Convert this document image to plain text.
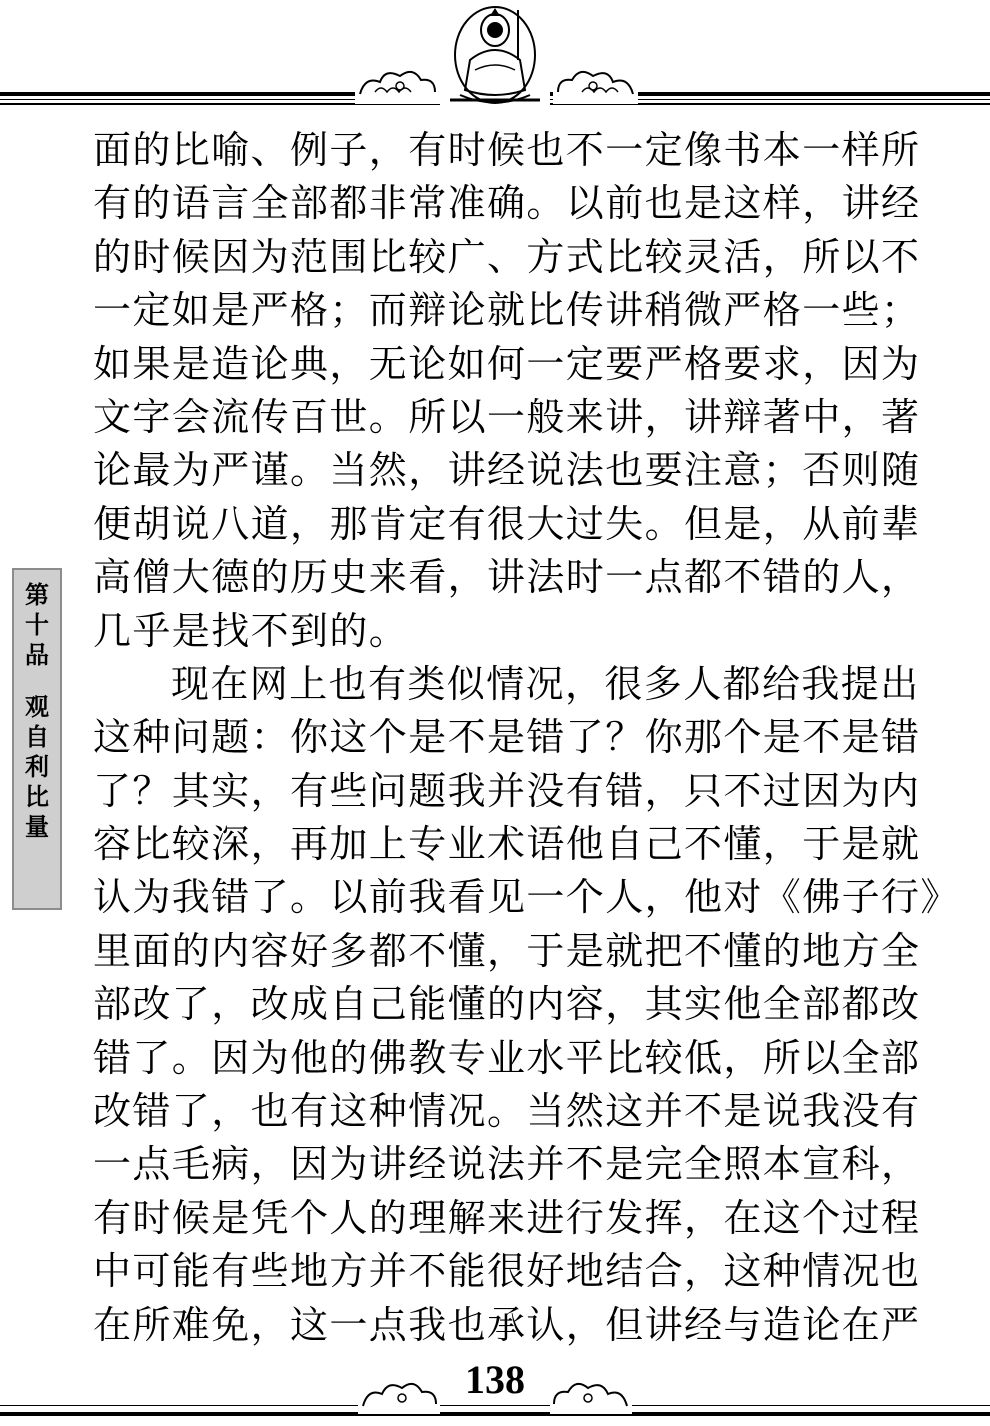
第
十
品
观
自
利
比
量
面的比喻、例子，有时候也不一定像书本一样所
有的语言全部都非常准确。以前也是这样，讲经
的时候因为范围比较广、方式比较灵活，所以不
一定如是严格；而辩论就比传讲稍微严格一些；
如果是造论典，无论如何一定要严格要求，因为
文字会流传百世。所以一般来讲，讲辩著中，著
论最为严谨。当然，讲经说法也要注意；否则随
便胡说八道，那肯定有很大过失。但是，从前辈
高僧大德的历史来看，讲法时一点都不错的人，
几乎是找不到的。
现在网上也有类似情况，很多人都给我提出
这种问题：你这个是不是错了？你那个是不是错
了？其实，有些问题我并没有错，只不过因为内
容比较深，再加上专业术语他自己不懂，于是就
认为我错了。以前我看见一个人，他对《佛子行》
里面的内容好多都不懂，于是就把不懂的地方全
部改了，改成自己能懂的内容，其实他全部都改
错了。因为他的佛教专业水平比较低，所以全部
改错了，也有这种情况。当然这并不是说我没有
一点毛病，因为讲经说法并不是完全照本宣科，
有时候是凭个人的理解来进行发挥，在这个过程
中可能有些地方并不能很好地结合，这种情况也
在所难免，这一点我也承认，但讲经与造论在严
138
